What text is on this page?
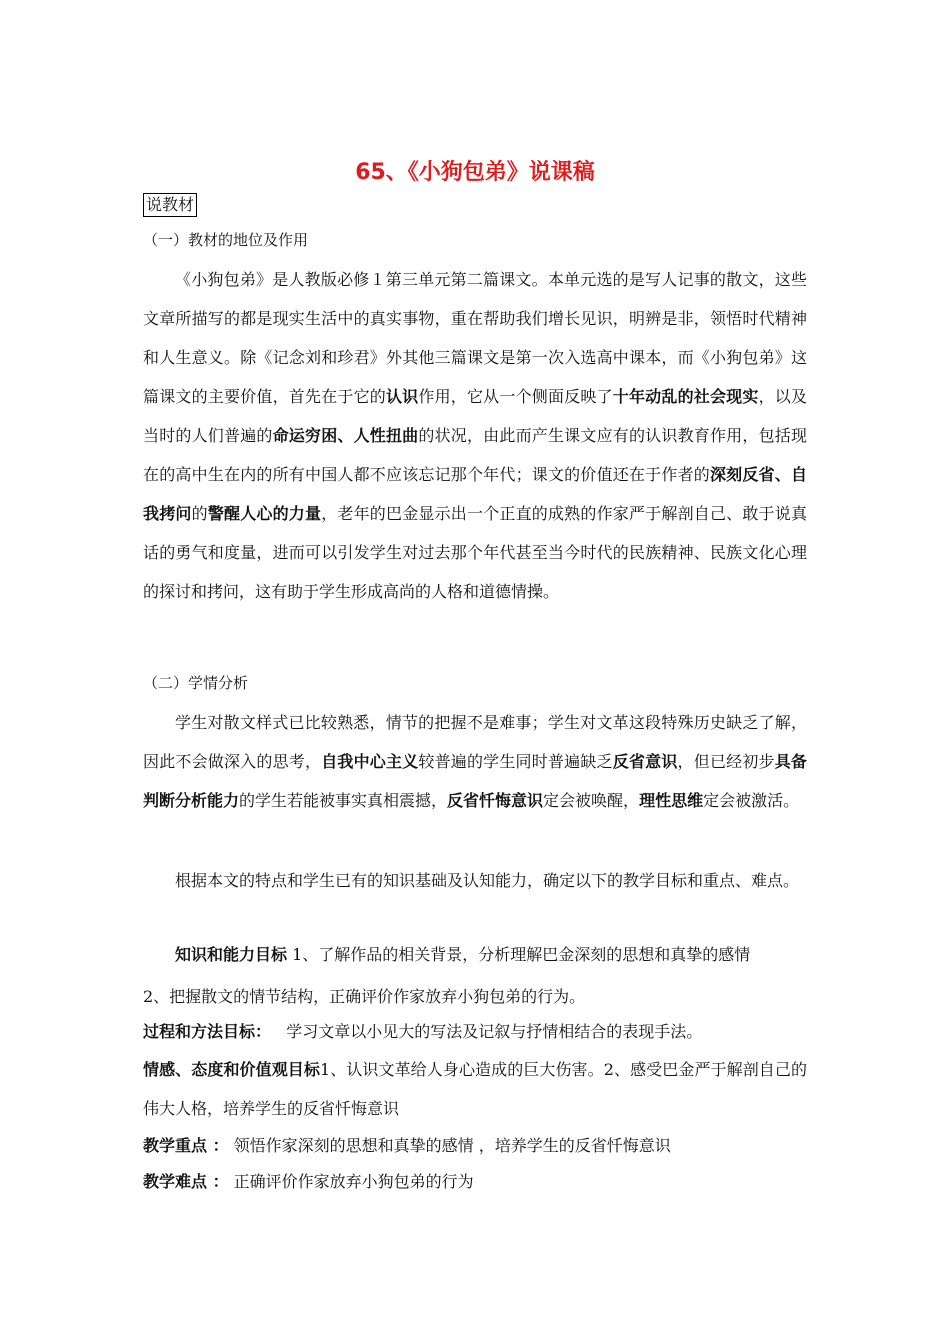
65、《小狗包弟》说课稿
说教材
（一）教材的地位及作用

《小狗包弟》是人教版必修１第三单元第二篇课文。本单元选的是写人记事的散文，这些文章所描写的都是现实生活中的真实事物，重在帮助我们增长见识，明辨是非，领悟时代精神和人生意义。除《记念刘和珍君》外其他三篇课文是第一次入选高中课本，而《小狗包弟》这篇课文的主要价值，首先在于它的认识作用，它从一个侧面反映了十年动乱的社会现实，以及当时的人们普遍的命运穷困、人性扭曲的状况，由此而产生课文应有的认识教育作用，包括现在的高中生在内的所有中国人都不应该忘记那个年代；课文的价值还在于作者的深刻反省、自我拷问的警醒人心的力量，老年的巴金显示出一个正直的成熟的作家严于解剖自己、敢于说真话的勇气和度量，进而可以引发学生对过去那个年代甚至当今时代的民族精神、民族文化心理的探讨和拷问，这有助于学生形成高尚的人格和道德情操。

（二）学情分析

学生对散文样式已比较熟悉，情节的把握不是难事；学生对文革这段特殊历史缺乏了解，因此不会做深入的思考，自我中心主义较普遍的学生同时普遍缺乏反省意识，但已经初步具备判断分析能力的学生若能被事实真相震撼，反省忏悔意识定会被唤醒，理性思维定会被激活。

根据本文的特点和学生已有的知识基础及认知能力，确定以下的教学目标和重点、难点。

知识和能力目标 1、了解作品的相关背景，分析理解巴金深刻的思想和真挚的感情
2、把握散文的情节结构，正确评价作家放弃小狗包弟的行为。
过程和方法目标：   学习文章以小见大的写法及记叙与抒情相结合的表现手法。

情感、态度和价值观目标1、认识文革给人身心造成的巨大伤害。2、感受巴金严于解剖自己的伟大人格，培养学生的反省忏悔意识

教学重点 ： 领悟作家深刻的思想和真挚的感情 ，培养学生的反省忏悔意识
教学难点 ： 正确评价作家放弃小狗包弟的行为
